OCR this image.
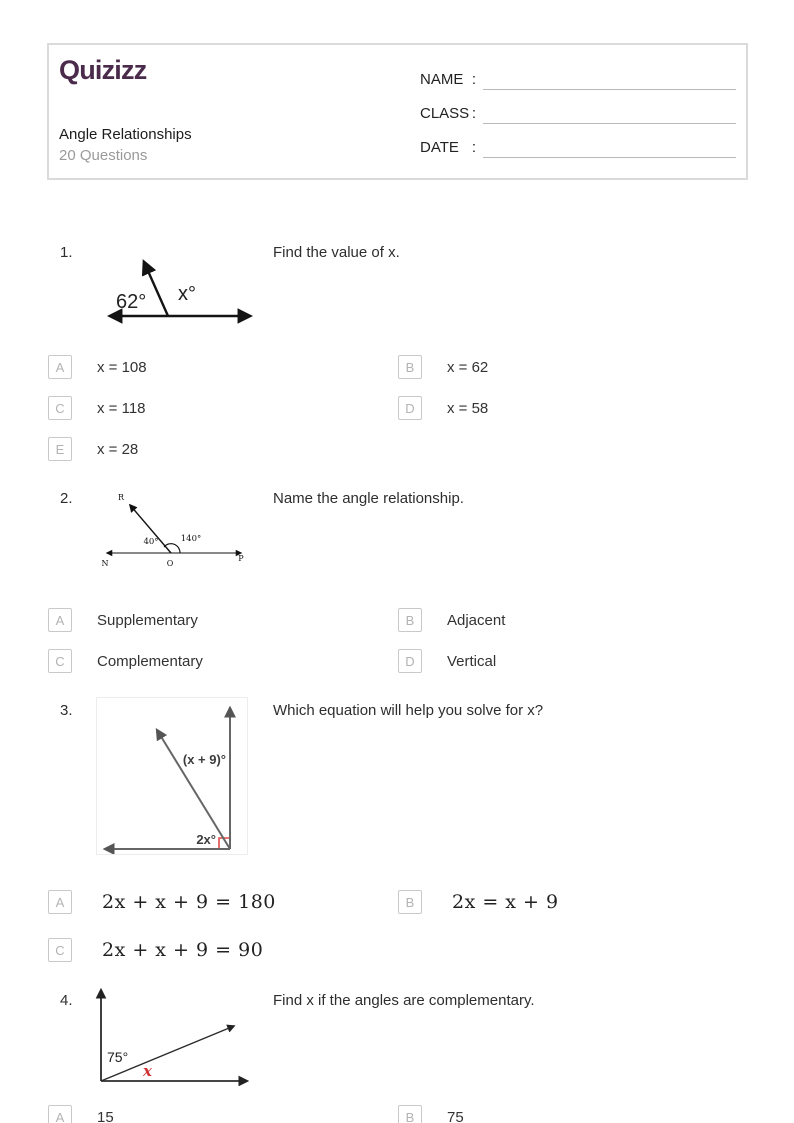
Quizizz
Angle Relationships
20 Questions
NAME :
CLASS :
DATE :
1.	Find the value of x.
62° x°
A	x = 108	B	x = 62
C	x = 118	D	x = 58
E	x = 28
2.	Name the angle relationship.
R
40°	140°
N	O
P
A	Supplementary	B	Adjacent
C	Complementary	D	Vertical
3.	Which equation will help you solve for x?
(x + 9)°
2x°
A	2x + x + 9 = 180	B	2x = x + 9
C	2x + x + 9 = 90
4.	Find x if the angles are complementary.
75°
x
A	15	B	75
